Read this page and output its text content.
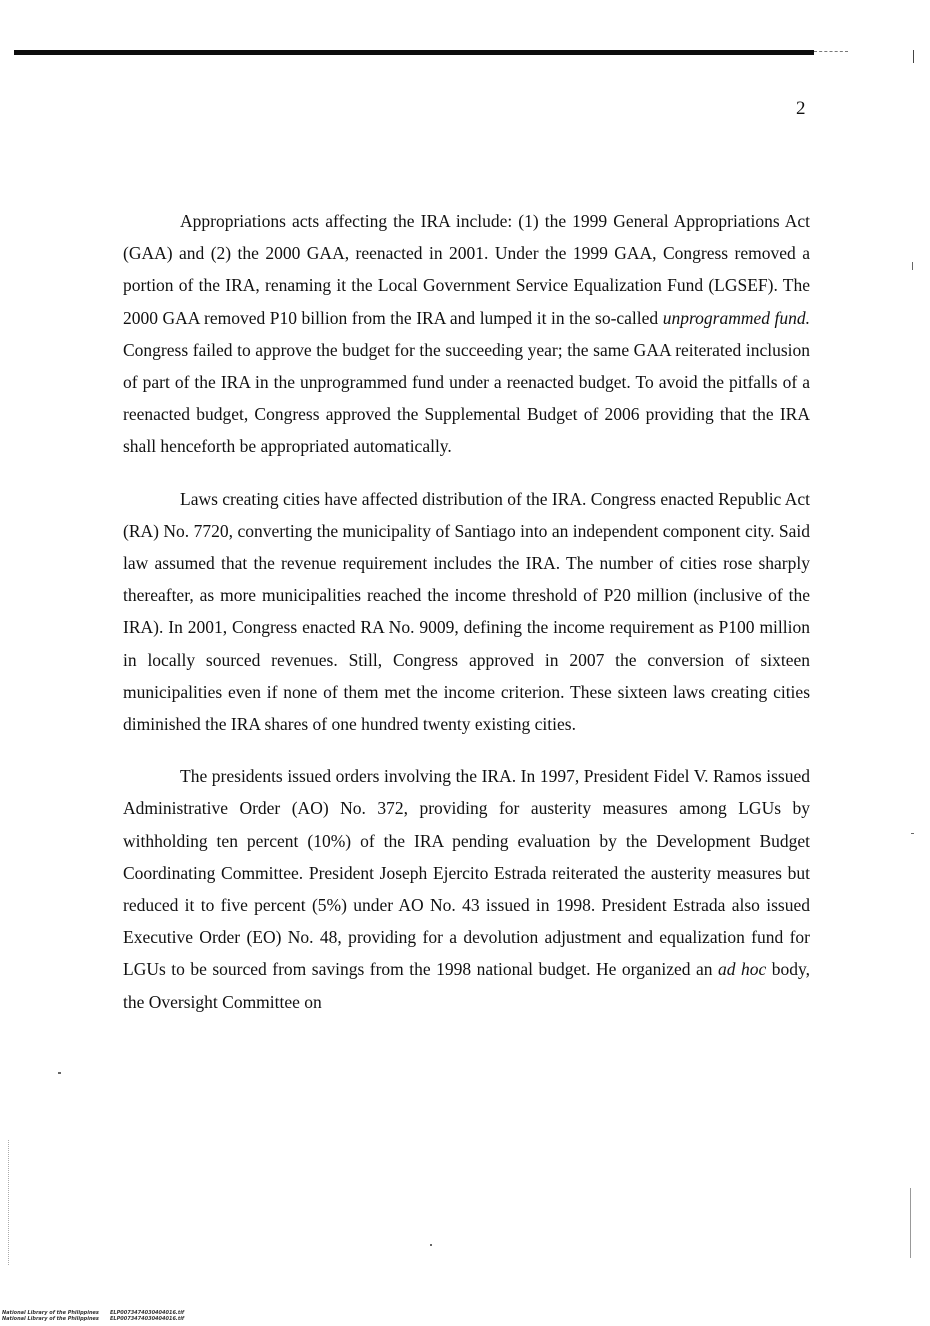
2

Appropriations acts affecting the IRA include: (1) the 1999 General Appropriations Act (GAA) and (2) the 2000 GAA, reenacted in 2001. Under the 1999 GAA, Congress removed a portion of the IRA, renaming it the Local Government Service Equalization Fund (LGSEF). The 2000 GAA removed P10 billion from the IRA and lumped it in the so-called unprogrammed fund. Congress failed to approve the budget for the succeeding year; the same GAA reiterated inclusion of part of the IRA in the unprogrammed fund under a reenacted budget. To avoid the pitfalls of a reenacted budget, Congress approved the Supplemental Budget of 2006 providing that the IRA shall henceforth be appropriated automatically.

Laws creating cities have affected distribution of the IRA. Congress enacted Republic Act (RA) No. 7720, converting the municipality of Santiago into an independent component city. Said law assumed that the revenue requirement includes the IRA. The number of cities rose sharply thereafter, as more municipalities reached the income threshold of P20 million (inclusive of the IRA). In 2001, Congress enacted RA No. 9009, defining the income requirement as P100 million in locally sourced revenues. Still, Congress approved in 2007 the conversion of sixteen municipalities even if none of them met the income criterion. These sixteen laws creating cities diminished the IRA shares of one hundred twenty existing cities.

The presidents issued orders involving the IRA. In 1997, President Fidel V. Ramos issued Administrative Order (AO) No. 372, providing for austerity measures among LGUs by withholding ten percent (10%) of the IRA pending evaluation by the Development Budget Coordinating Committee. President Joseph Ejercito Estrada reiterated the austerity measures but reduced it to five percent (5%) under AO No. 43 issued in 1998. President Estrada also issued Executive Order (EO) No. 48, providing for a devolution adjustment and equalization fund for LGUs to be sourced from savings from the 1998 national budget. He organized an ad hoc body, the Oversight Committee on

National Library of the Philippines ELP0073474030404016.tif
National Library of the Philippines ELP0073474030404016.tif
